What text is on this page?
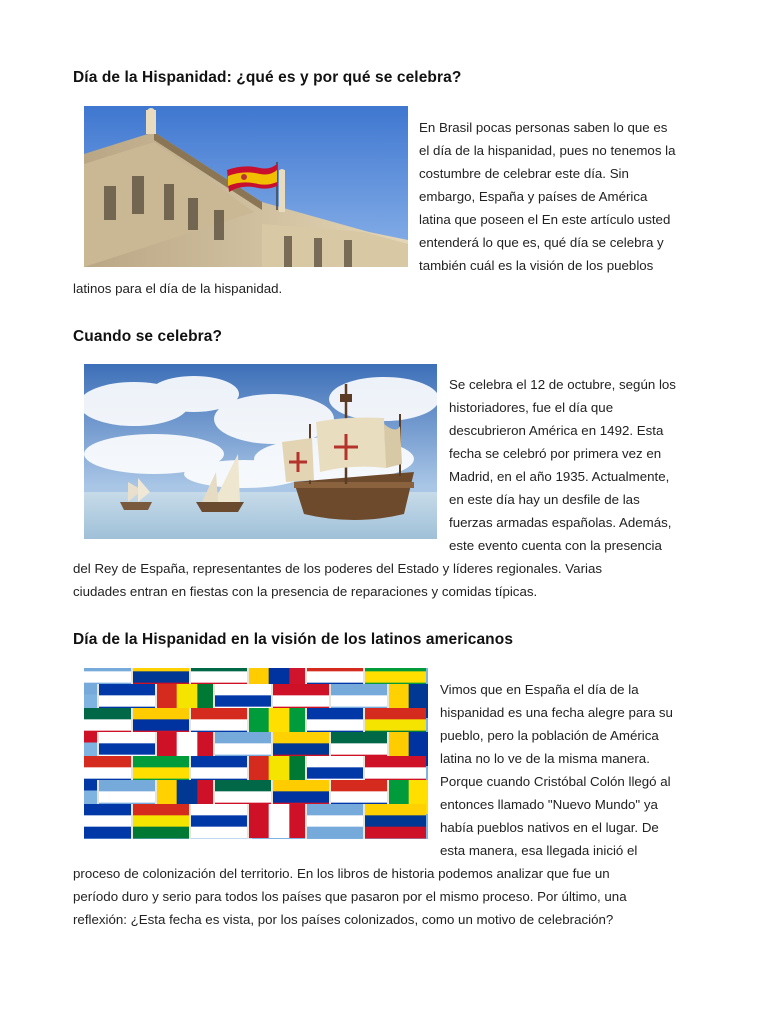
Día de la Hispanidad: ¿qué es y por qué se celebra?

En Brasil pocas personas saben lo que es
el día de la hispanidad, pues no tenemos la
costumbre de celebrar este día. Sin
embargo, España y países de América
latina que poseen el En este artículo usted
entenderá lo que es, qué día se celebra y
también cuál es la visión de los pueblos
latinos para el día de la hispanidad.

Cuando se celebra?

Se celebra el 12 de octubre, según los
historiadores, fue el día que
descubrieron América en 1492. Esta
fecha se celebró por primera vez en
Madrid, en el año 1935. Actualmente,
en este día hay un desfile de las
fuerzas armadas españolas. Además,
este evento cuenta con la presencia
del Rey de España, representantes de los poderes del Estado y líderes regionales. Varias
ciudades entran en fiestas con la presencia de reparaciones y comidas típicas.

Día de la Hispanidad en la visión de los latinos americanos

Vimos que en España el día de la
hispanidad es una fecha alegre para su
pueblo, pero la población de América
latina no lo ve de la misma manera.
Porque cuando Cristóbal Colón llegó al
entonces llamado "Nuevo Mundo" ya
había pueblos nativos en el lugar. De
esta manera, esa llegada inició el
proceso de colonización del territorio. En los libros de historia podemos analizar que fue un
período duro y serio para todos los países que pasaron por el mismo proceso. Por último, una
reflexión: ¿Esta fecha es vista, por los países colonizados, como un motivo de celebración?
